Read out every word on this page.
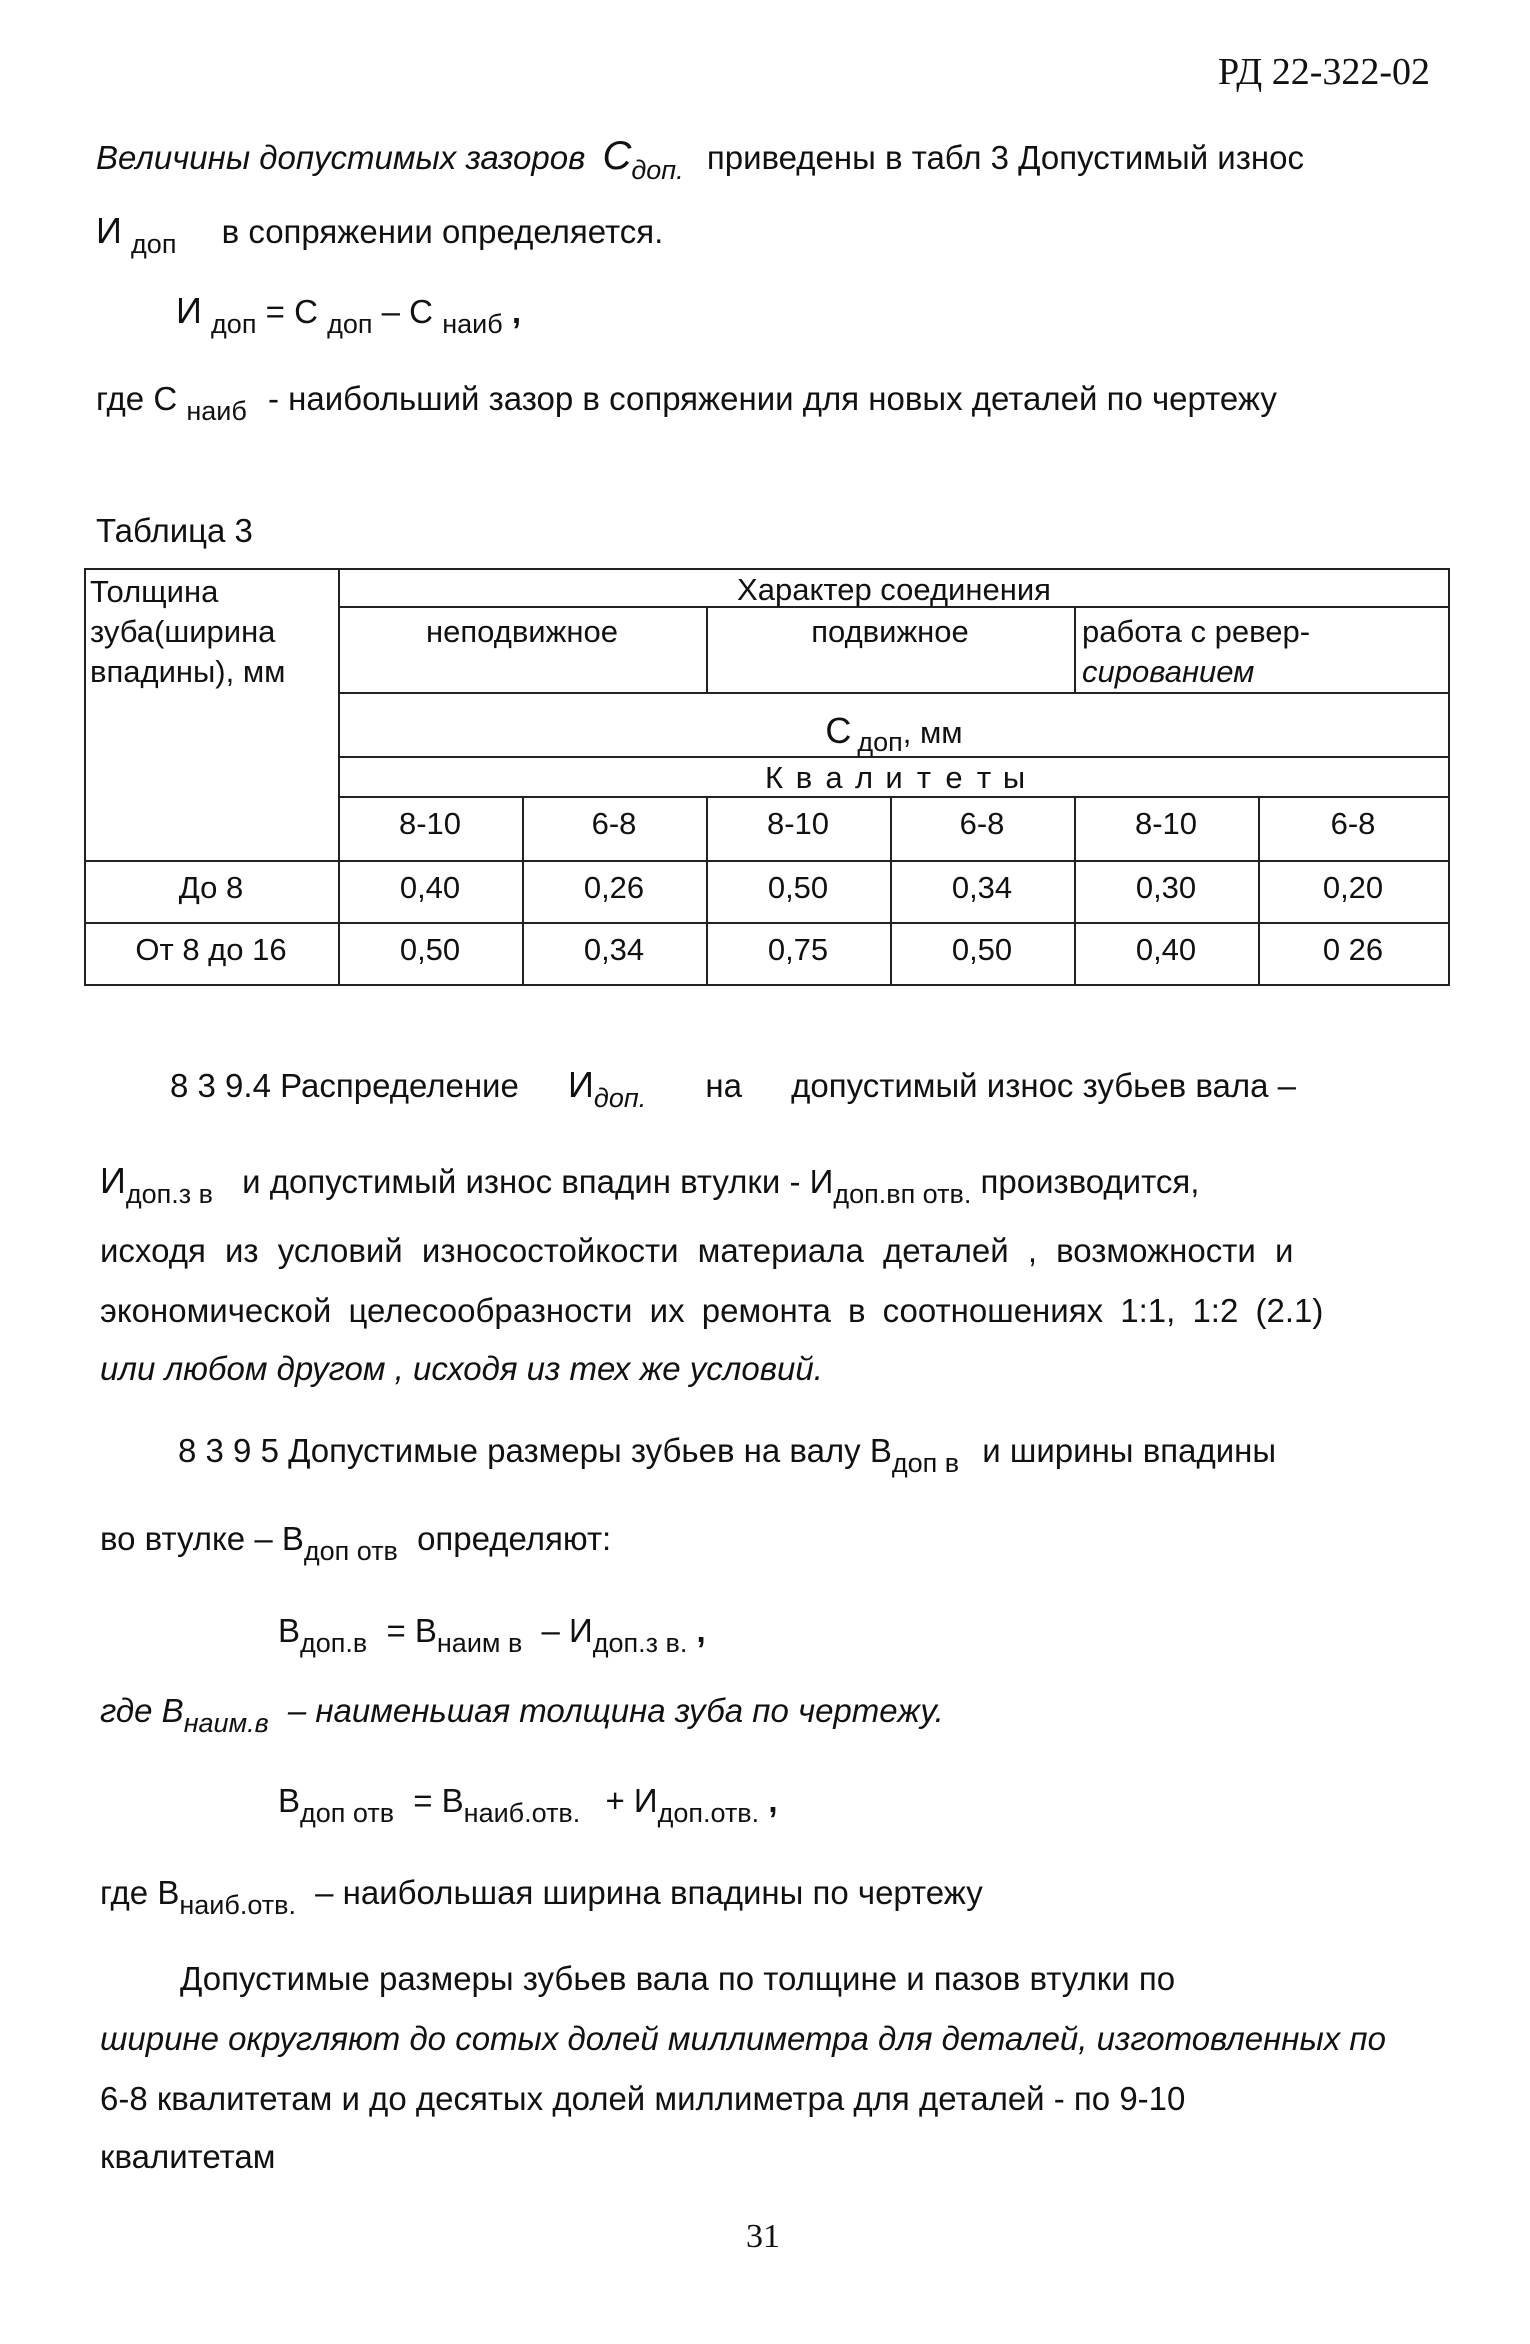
РД 22-322-02
Величины допустимых зазоров $С_{доп.}$ приведены в табл 3 Допустимый износ
И $_{доп}$ в сопряжении определяется.
И $_{доп}$ = С $_{доп}$ – С $_{наиб}$ ,
где С $_{наиб}$ - наибольший зазор в сопряжении для новых деталей по чертежу
Таблица 3
Толщина
зуба(ширина
впадины), мм
Характер соединения
неподвижное	подвижное	работа с ревер-
сированием
С доп, мм
К в а л и т е т ы
8-10	6-8	8-10	6-8	8-10	6-8
До 8	0,40	0,26	0,50	0,34	0,30	0,20
От 8 до 16	0,50	0,34	0,75	0,50	0,40	0 26
8 3 9.4 Распределение $И_{доп.}$ на допустимый износ зубьев вала –
$И_{доп.з в}$ и допустимый износ впадин втулки - $И_{доп.вп отв.}$ производится,
исходя из условий износостойкости материала деталей , возможности и
экономической целесообразности их ремонта в соотношениях 1:1, 1:2 (2.1)
или любом другом , исходя из тех же условий.
8 3 9 5 Допустимые размеры зубьев на валу $В_{доп в}$ и ширины впадины
во втулке – $В_{доп отв}$ определяют:
$В_{доп.в} = В_{наим в} - И_{доп.з в.}$ ,
где $В_{наим.в}$ – наименьшая толщина зуба по чертежу.
$В_{доп отв} = В_{наиб.отв.} + И_{доп.отв.}$ ,
где $В_{наиб.отв.}$ – наибольшая ширина впадины по чертежу
Допустимые размеры зубьев вала по толщине и пазов втулки по
ширине округляют до сотых долей миллиметра для деталей, изготовленных по
6-8 квалитетам и до десятых долей миллиметра для деталей - по 9-10
квалитетам
31
